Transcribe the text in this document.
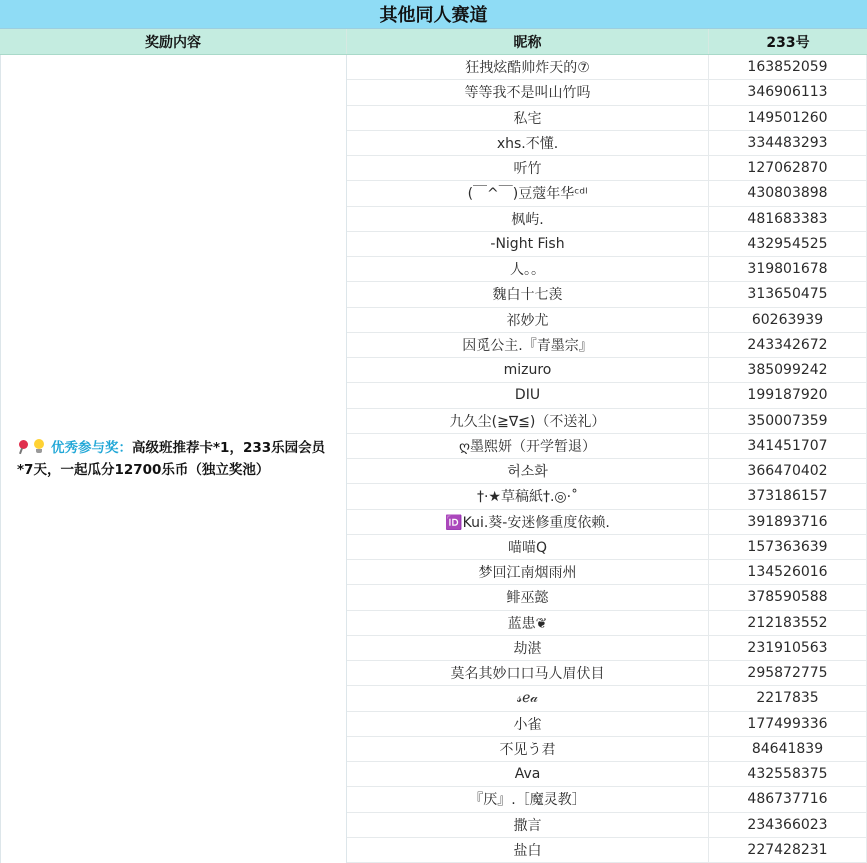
其他同人赛道
奖励内容	昵称	233号
优秀参与奖：高级班推荐卡*1，233乐园会员*7天，一起瓜分12700乐币（独立奖池）
狂拽炫酷帅炸天的⑦	163852059
等等我不是叫山竹吗	346906113
私宅	149501260
xhs.不懂.	334483293
听竹	127062870
(￣^￣)豆蔻年华ᶜᵈˡ	430803898
枫屿.	481683383
-Night Fish	432954525
人。。	319801678
魏白十七羡	313650475
祁妙尤	60263939
因觅公主.『青墨宗』	243342672
mizuro	385099242
DIU	199187920
九久尘(≧∇≦)（不送礼）	350007359
ღ墨熙妍（开学暂退）	341451707
허소화	366470402
†·★草稿紙†.◎·˚	373186157
🆔Kui.葵-安迷修重度依赖.	391893716
喵喵Q	157363639
梦回江南烟雨州	134526016
鲱巫懿	378590588
蓝患❦	212183552
劫湛	231910563
莫名其妙口口马人眉伏目	295872775
𝓈ℯ𝒶	2217835
小雀	177499336
不见う君	84641839
Ava	432558375
『厌』.［魔灵教］	486737716
撒言	234366023
盐白	227428231
